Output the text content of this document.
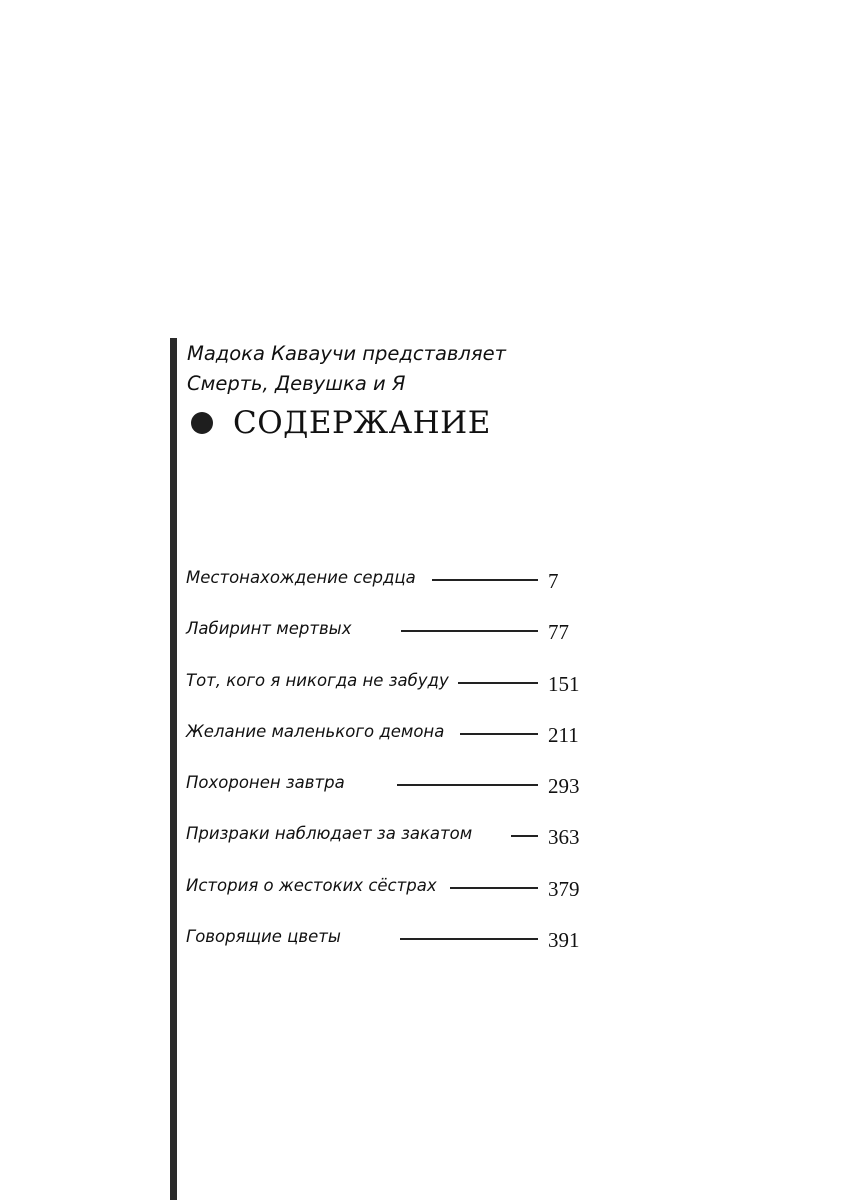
Мадока Кавaучи представляет
Смерть, Девушка и Я
СОДЕРЖАНИЕ
Местонахождение сердца	7
Лабиринт мертвых	77
Тот, кого я никогда не забуду	151
Желание маленького демона	211
Похоронен завтра	293
Призраки наблюдает за закатом	363
История о жестоких сёстрах	379
Говорящие цветы	391
